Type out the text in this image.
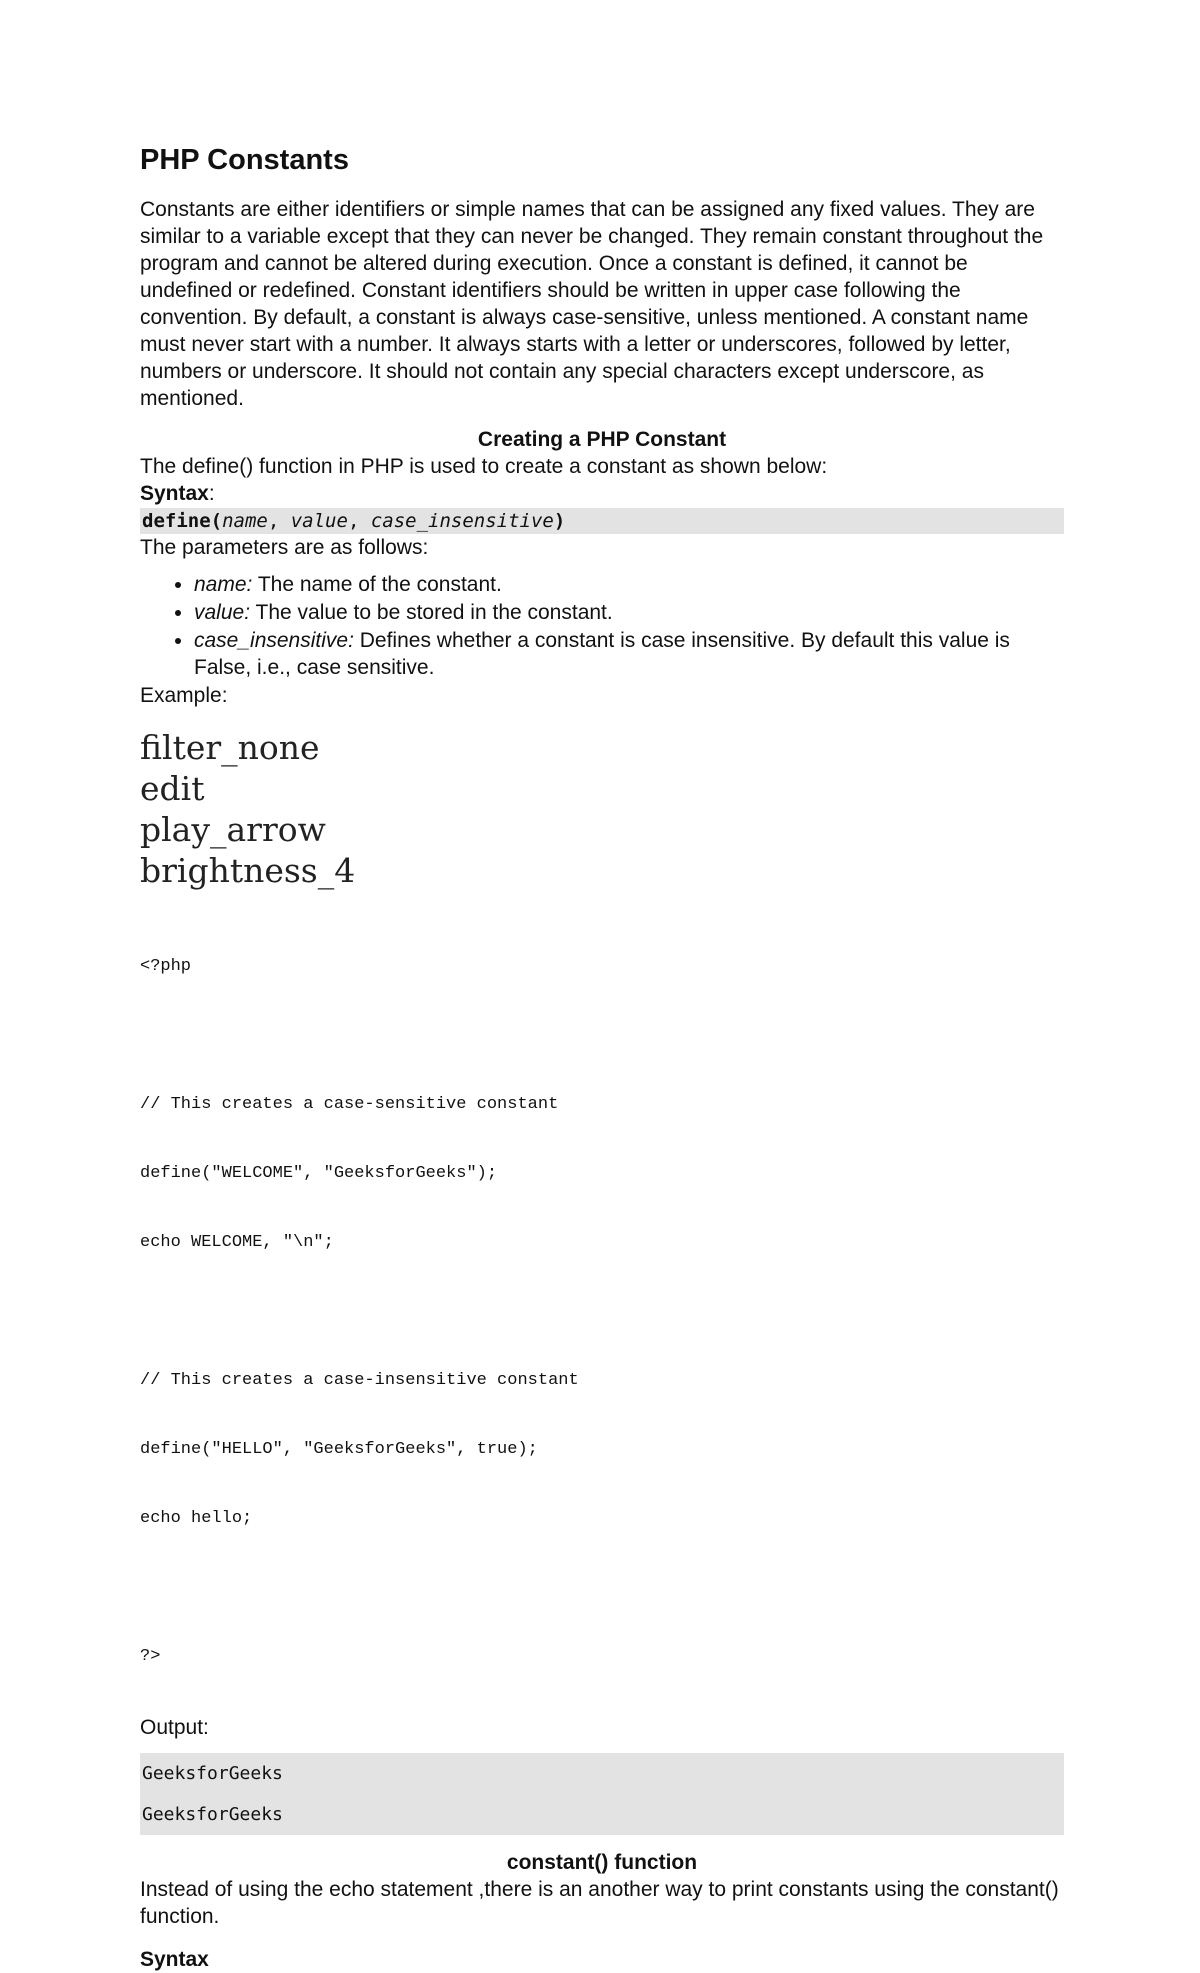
PHP Constants

Constants are either identifiers or simple names that can be assigned any fixed values. They are similar to a variable except that they can never be changed. They remain constant throughout the program and cannot be altered during execution. Once a constant is defined, it cannot be undefined or redefined. Constant identifiers should be written in upper case following the convention. By default, a constant is always case-sensitive, unless mentioned. A constant name must never start with a number. It always starts with a letter or underscores, followed by letter, numbers or underscore. It should not contain any special characters except underscore, as mentioned.

Creating a PHP Constant

The define() function in PHP is used to create a constant as shown below:

Syntax:

define(name, value, case_insensitive)

The parameters are as follows:

• name: The name of the constant.
• value: The value to be stored in the constant.
• case_insensitive: Defines whether a constant is case insensitive. By default this value is False, i.e., case sensitive.

Example:

filter_none
edit
play_arrow
brightness_4

<?php

// This creates a case-sensitive constant

define("WELCOME", "GeeksforGeeks");

echo WELCOME, "\n";

// This creates a case-insensitive constant

define("HELLO", "GeeksforGeeks", true);

echo hello;

?>

Output:

GeeksforGeeks
GeeksforGeeks
constant() function

Instead of using the echo statement ,there is an another way to print constants using the constant() function.

Syntax
